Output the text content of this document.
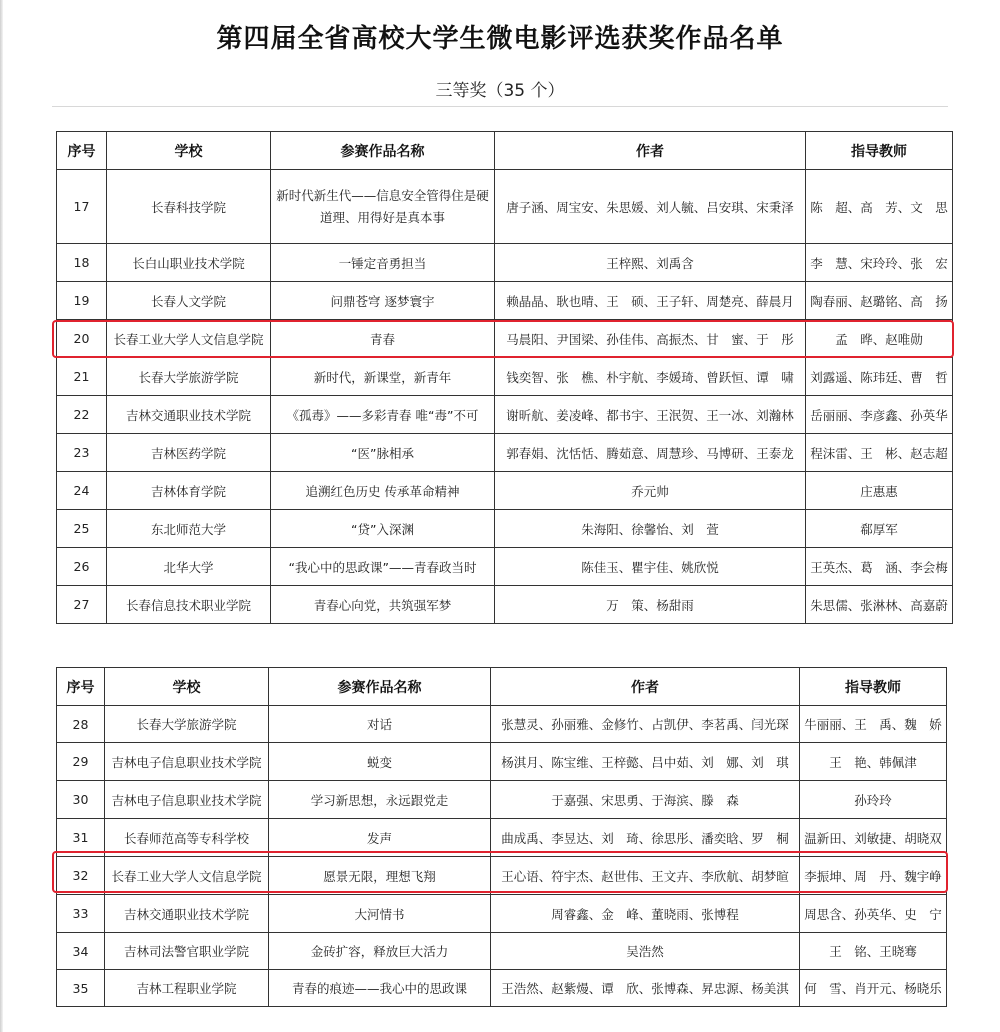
第四届全省高校大学生微电影评选获奖作品名单
三等奖（35 个）
序号	学校	参赛作品名称	作者	指导教师
17	长春科技学院	新时代新生代——信息安全管得住是硬道理、用得好是真本事	唐子涵、周宝安、朱思媛、刘人毓、吕安琪、宋秉泽	陈　超、高　芳、文　思
18	长白山职业技术学院	一锤定音勇担当	王梓熙、刘禹含	李　慧、宋玲玲、张　宏
19	长春人文学院	问鼎苍穹 逐梦寰宇	赖晶晶、耿也晴、王　硕、王子轩、周楚亮、薛晨月	陶春丽、赵璐铭、高　扬
20	长春工业大学人文信息学院	青春	马晨阳、尹国梁、孙佳伟、高振杰、甘　蜜、于　彤	孟　晔、赵唯勋
21	长春大学旅游学院	新时代，新课堂，新青年	钱奕智、张　樵、朴宇航、李媛琦、曾跃恒、谭　啸	刘露遥、陈玮廷、曹　哲
22	吉林交通职业技术学院	《孤毒》——多彩青春 唯“毒”不可	谢昕航、姜凌峰、都书宇、王泯贺、王一冰、刘瀚林	岳丽丽、李彦鑫、孙英华
23	吉林医药学院	“医”脉相承	郭春娟、沈恬恬、腾茹意、周慧珍、马博研、王泰龙	程沫雷、王　彬、赵志超
24	吉林体育学院	追溯红色历史 传承革命精神	乔元帅	庄惠惠
25	东北师范大学	“贷”入深渊	朱海阳、徐馨怡、刘　萱	郗厚军
26	北华大学	“我心中的思政课”——青春政当时	陈佳玉、瞿宇佳、姚欣悦	王英杰、葛　涵、李会梅
27	长春信息技术职业学院	青春心向党，共筑强军梦	万　策、杨甜雨	朱思儒、张淋林、高嘉蔚
序号	学校	参赛作品名称	作者	指导教师
28	长春大学旅游学院	对话	张慧灵、孙丽雅、金修竹、占凯伊、李茗禹、闫光琛	牛丽丽、王　禹、魏　娇
29	吉林电子信息职业技术学院	蜕变	杨淇月、陈宝维、王梓懿、吕中茹、刘　娜、刘　琪	王　艳、韩佩津
30	吉林电子信息职业技术学院	学习新思想，永远跟党走	于嘉强、宋思勇、于海滨、滕　森	孙玲玲
31	长春师范高等专科学校	发声	曲成禹、李昱达、刘　琦、徐思彤、潘奕晗、罗　桐	温新田、刘敏捷、胡晓双
32	长春工业大学人文信息学院	愿景无限，理想飞翔	王心语、符宇杰、赵世伟、王文卉、李欣航、胡梦暄	李振坤、周　丹、魏宇峥
33	吉林交通职业技术学院	大河情书	周睿鑫、金　峰、董晓雨、张博程	周思含、孙英华、史　宁
34	吉林司法警官职业学院	金砖扩容，释放巨大活力	吴浩然	王　铭、王晓骞
35	吉林工程职业学院	青春的痕迹——我心中的思政课	王浩然、赵紫熳、谭　欣、张博森、昇忠源、杨美淇	何　雪、肖开元、杨晓乐
